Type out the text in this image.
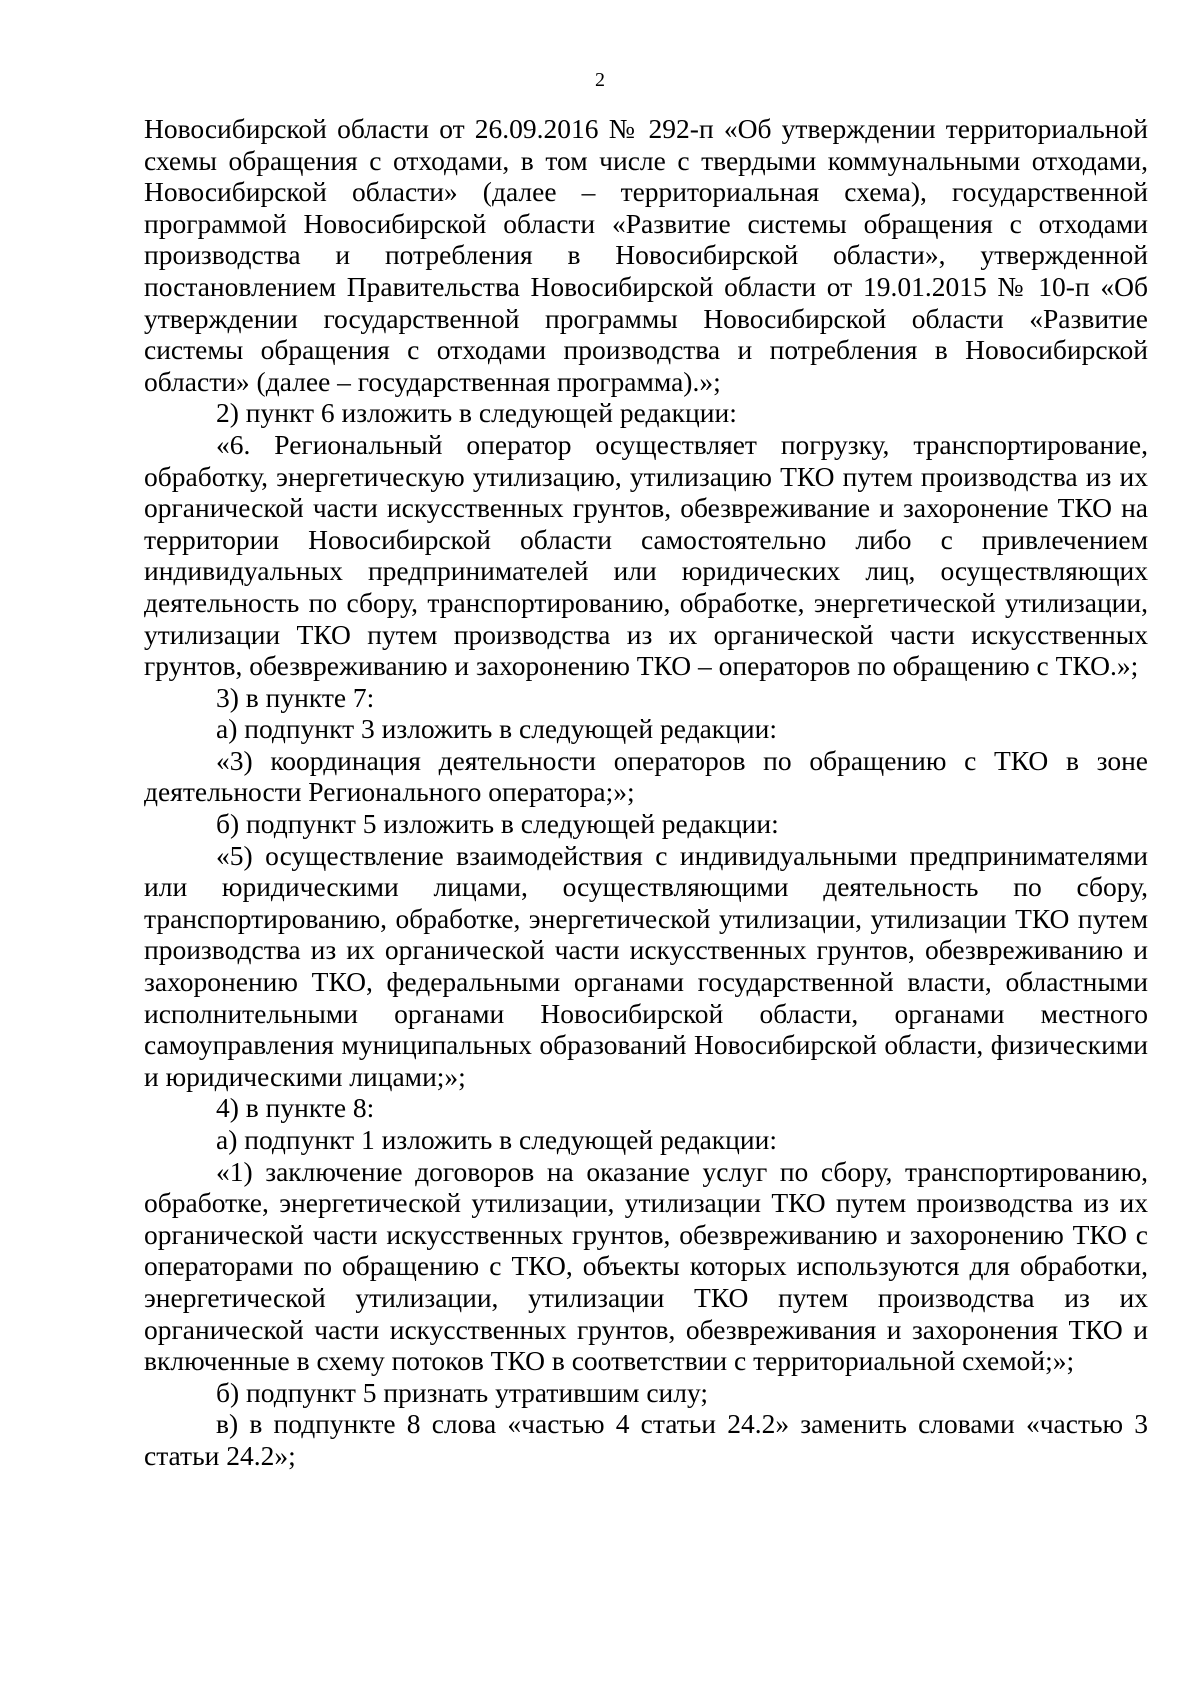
2

Новосибирской области от 26.09.2016 № 292-п «Об утверждении территориальной схемы обращения с отходами, в том числе с твердыми коммунальными отходами, Новосибирской области» (далее – территориальная схема), государственной программой Новосибирской области «Развитие системы обращения с отходами производства и потребления в Новосибирской области», утвержденной постановлением Правительства Новосибирской области от 19.01.2015 № 10-п «Об утверждении государственной программы Новосибирской области «Развитие системы обращения с отходами производства и потребления в Новосибирской области» (далее – государственная программа).»;

2) пункт 6 изложить в следующей редакции:

«6. Региональный оператор осуществляет погрузку, транспортирование, обработку, энергетическую утилизацию, утилизацию ТКО путем производства из их органической части искусственных грунтов, обезвреживание и захоронение ТКО на территории Новосибирской области самостоятельно либо с привлечением индивидуальных предпринимателей или юридических лиц, осуществляющих деятельность по сбору, транспортированию, обработке, энергетической утилизации, утилизации ТКО путем производства из их органической части искусственных грунтов, обезвреживанию и захоронению ТКО – операторов по обращению с ТКО.»;

3) в пункте 7:

а) подпункт 3 изложить в следующей редакции:

«3) координация деятельности операторов по обращению с ТКО в зоне деятельности Регионального оператора;»;

б) подпункт 5 изложить в следующей редакции:

«5) осуществление взаимодействия с индивидуальными предпринимателями или юридическими лицами, осуществляющими деятельность по сбору, транспортированию, обработке, энергетической утилизации, утилизации ТКО путем производства из их органической части искусственных грунтов, обезвреживанию и захоронению ТКО, федеральными органами государственной власти, областными исполнительными органами Новосибирской области, органами местного самоуправления муниципальных образований Новосибирской области, физическими и юридическими лицами;»;

4) в пункте 8:

а) подпункт 1 изложить в следующей редакции:

«1) заключение договоров на оказание услуг по сбору, транспортированию, обработке, энергетической утилизации, утилизации ТКО путем производства из их органической части искусственных грунтов, обезвреживанию и захоронению ТКО с операторами по обращению с ТКО, объекты которых используются для обработки, энергетической утилизации, утилизации ТКО путем производства из их органической части искусственных грунтов, обезвреживания и захоронения ТКО и включенные в схему потоков ТКО в соответствии с территориальной схемой;»;

б) подпункт 5 признать утратившим силу;

в) в подпункте 8 слова «частью 4 статьи 24.2» заменить словами «частью 3 статьи 24.2»;
